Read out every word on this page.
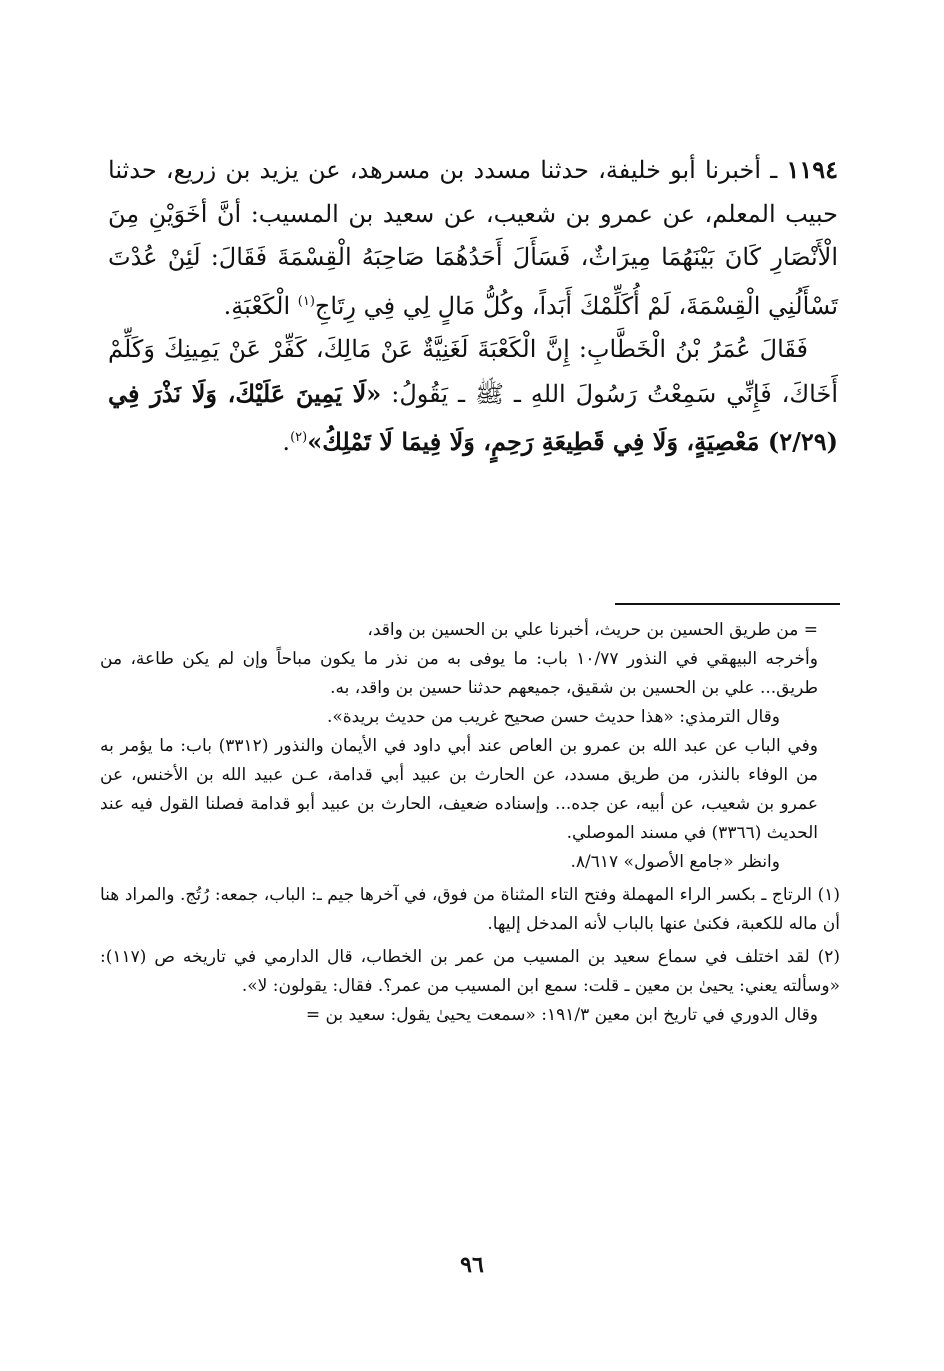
١١٩٤ ـ أخبرنا أبو خليفة، حدثنا مسدد بن مسرهد، عن يزيد بن زريع، حدثنا حبيب المعلم، عن عمرو بن شعيب، عن سعيد بن المسيب: أنَّ أخَوَيْنِ مِنَ الْأَنْصَارِ كَانَ بَيْنَهُمَا مِيرَاثٌ، فَسَأَلَ أَحَدُهُمَا صَاحِبَهُ الْقِسْمَةَ فَقَالَ: لَئِنْ عُدْتَ تَسْأَلُنِي الْقِسْمَةَ، لَمْ أُكَلِّمْكَ أَبَداً، وكُلُّ مَالٍ لِي فِي رِتَاجِ$^{(١)}$ الْكَعْبَةِ.

فَقَالَ عُمَرُ بْنُ الْخَطَّابِ: إِنَّ الْكَعْبَةَ لَغَنِيَّةٌ عَنْ مَالِكَ، كَفِّرْ عَنْ يَمِينِكَ وَكَلِّمْ أَخَاكَ، فَإِنِّي سَمِعْتُ رَسُولَ اللهِ ـ ﷺ ـ يَقُولُ: «لَا يَمِينَ عَلَيْكَ، وَلَا نَذْرَ فِي (٢/٢٩) مَعْصِيَةٍ، وَلَا فِي قَطِيعَةِ رَحِمٍ، وَلَا فِيمَا لَا تَمْلِكُ»$^{(٢)}$.

= من طريق الحسين بن حريث، أخبرنا علي بن الحسين بن واقد،

وأخرجه البيهقي في النذور ١٠/٧٧ باب: ما يوفى به من نذر ما يكون مباحاً وإن لم يكن طاعة، من طريق... علي بن الحسين بن شقيق، جميعهم حدثنا حسين بن واقد، به.

وقال الترمذي: «هذا حديث حسن صحيح غريب من حديث بريدة».

وفي الباب عن عبد الله بن عمرو بن العاص عند أبي داود في الأيمان والنذور (٣٣١٢) باب: ما يؤمر به من الوفاء بالنذر، من طريق مسدد، عن الحارث بن عبيد أبي قدامة، عـن عبيد الله بن الأخنس، عن عمرو بن شعيب، عن أبيه، عن جده... وإسناده ضعيف، الحارث بن عبيد أبو قدامة فصلنا القول فيه عند الحديث (٣٣٦٦) في مسند الموصلي.

وانظر «جامع الأصول» ٨/٦١٧.

(١) الرتاج ـ بكسر الراء المهملة وفتح التاء المثناة من فوق، في آخرها جيم ـ: الباب، جمعه: رُتُج. والمراد هنا أن ماله للكعبة، فكنىٰ عنها بالباب لأنه المدخل إليها.

(٢) لقد اختلف في سماع سعيد بن المسيب من عمر بن الخطاب، قال الدارمي في تاريخه ص (١١٧): «وسألته يعني: يحيىٰ بن معين ـ قلت: سمع ابن المسيب من عمر؟. فقال: يقولون: لا».

وقال الدوري في تاريخ ابن معين ١٩١/٣: «سمعت يحيىٰ يقول: سعيد بن =

٩٦
